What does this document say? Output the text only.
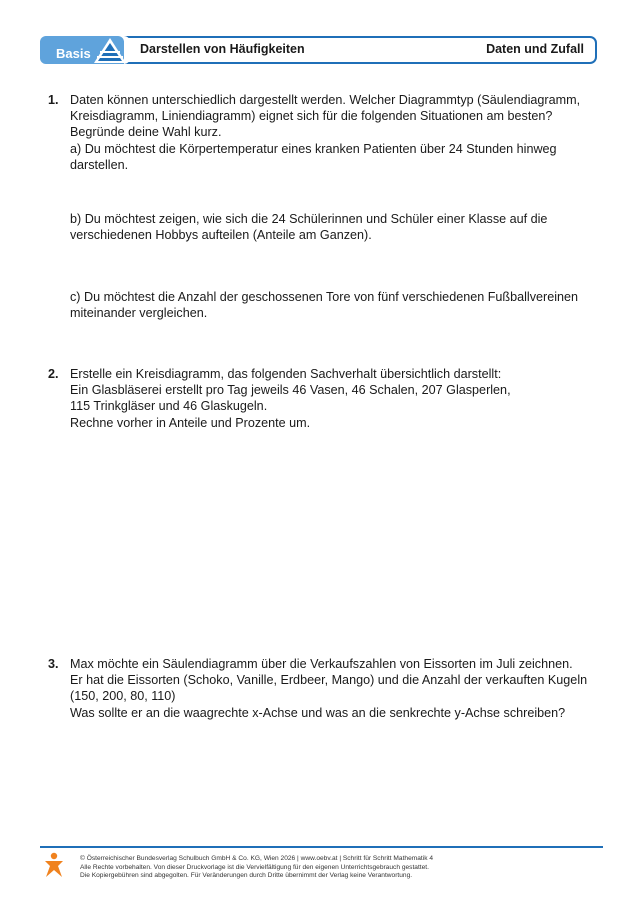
Basis	Darstellen von Häufigkeiten	Daten und Zufall
1. Daten können unterschiedlich dargestellt werden. Welcher Diagrammtyp (Säulendiagramm,

Kreisdiagramm, Liniendiagramm) eignet sich für die folgenden Situationen am besten?

Begründe deine Wahl kurz.

a) Du möchtest die Körpertemperatur eines kranken Patienten über 24 Stunden hinweg

darstellen.

b) Du möchtest zeigen, wie sich die 24 Schülerinnen und Schüler einer Klasse auf die

verschiedenen Hobbys aufteilen (Anteile am Ganzen).

c) Du möchtest die Anzahl der geschossenen Tore von fünf verschiedenen Fußballvereinen

miteinander vergleichen.

2. Erstelle ein Kreisdiagramm, das folgenden Sachverhalt übersichtlich darstellt:

Ein Glasbläserei erstellt pro Tag jeweils 46 Vasen, 46 Schalen, 207 Glasperlen,

115 Trinkgläser und 46 Glaskugeln.

Rechne vorher in Anteile und Prozente um.

3. Max möchte ein Säulendiagramm über die Verkaufszahlen von Eissorten im Juli zeichnen.

Er hat die Eissorten (Schoko, Vanille, Erdbeer, Mango) und die Anzahl der verkauften Kugeln

(150, 200, 80, 110)

Was sollte er an die waagrechte x-Achse und was an die senkrechte y-Achse schreiben?

© Österreichischer Bundesverlag Schulbuch GmbH & Co. KG, Wien 2026 | www.oebv.at | Schritt für Schritt Mathematik 4
Alle Rechte vorbehalten. Von dieser Druckvorlage ist die Vervielfältigung für den eigenen Unterrichtsgebrauch gestattet.
Die Kopiergebühren sind abgegolten. Für Veränderungen durch Dritte übernimmt der Verlag keine Verantwortung.
